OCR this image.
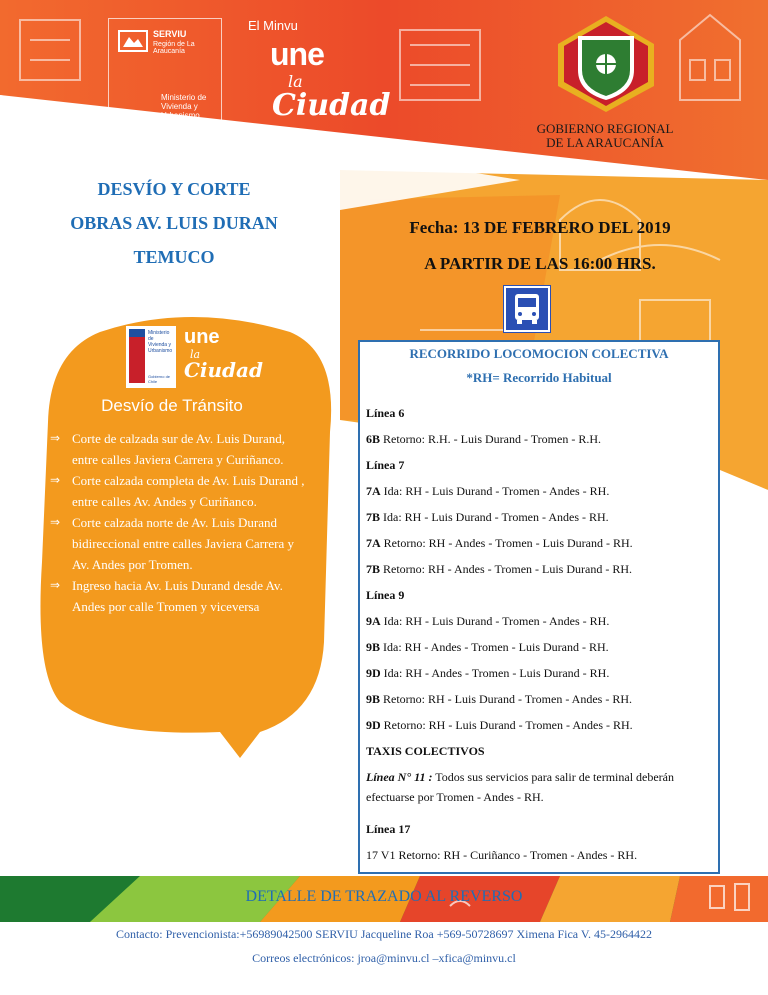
SERVIU
Región de La Araucanía
Ministerio de Vivienda y Urbanismo
El Minvu
une
la
Ciudad
GOBIERNO REGIONAL
DE LA ARAUCANÍA
DESVÍO Y CORTE
OBRAS AV. LUIS DURAN
TEMUCO
Fecha: 13 DE FEBRERO DEL 2019
A PARTIR DE LAS 16:00 HRS.
Ministerio de Vivienda y Urbanismo
Gobierno de Chile
une
la
Ciudad
Desvío de Tránsito
⇒ Corte de calzada sur de Av. Luis Durand, entre calles Javiera Carrera y Curiñanco.
⇒ Corte calzada completa de Av. Luis Durand , entre calles Av. Andes y Curiñanco.
⇒ Corte calzada norte de Av. Luis Durand bidireccional entre calles Javiera Carrera y Av. Andes por Tromen.
⇒ Ingreso hacia Av. Luis Durand desde Av. Andes por calle Tromen y viceversa
RECORRIDO LOCOMOCION COLECTIVA
*RH= Recorrido Habitual
Línea 6
6B Retorno: R.H. - Luis Durand - Tromen - R.H.
Línea 7
7A Ida: RH - Luis Durand - Tromen - Andes - RH.
7B Ida: RH - Luis Durand - Tromen - Andes - RH.
7A Retorno: RH - Andes - Tromen - Luis Durand - RH.
7B Retorno: RH - Andes - Tromen - Luis Durand - RH.
Línea 9
9A Ida: RH - Luis Durand - Tromen - Andes - RH.
9B Ida: RH - Andes - Tromen - Luis Durand - RH.
9D Ida: RH - Andes - Tromen - Luis Durand - RH.
9B Retorno: RH - Luis Durand - Tromen - Andes - RH.
9D Retorno: RH - Luis Durand - Tromen - Andes - RH.
TAXIS COLECTIVOS
Línea N° 11 : Todos sus servicios para salir de terminal deberán efectuarse por Tromen - Andes - RH.
Línea 17
17 V1 Retorno: RH - Curiñanco - Tromen - Andes - RH.
DETALLE DE TRAZADO AL REVERSO
Contacto: Prevencionista:+56989042500 SERVIU Jacqueline Roa +569-50728697 Ximena Fica V. 45-2964422
Correos electrónicos: jroa@minvu.cl –xfica@minvu.cl
